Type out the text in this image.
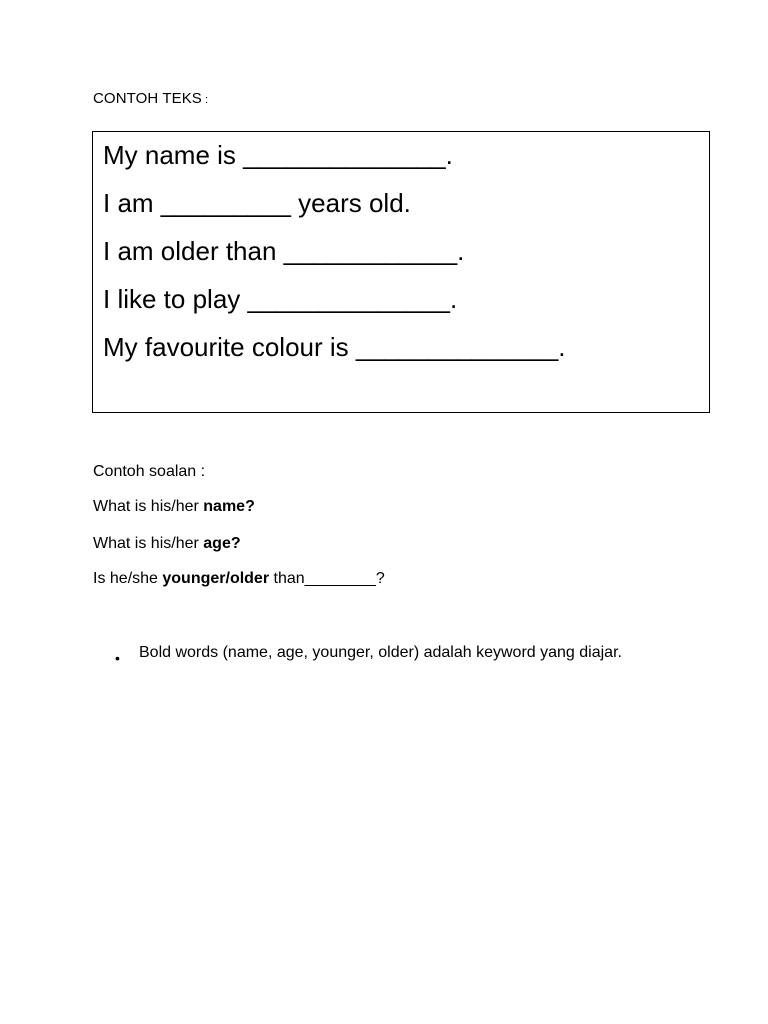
CONTOH TEKS :
My name is ______________.
I am _________ years old.
I am older than ____________.
I like to play ______________.
My favourite colour is ______________.
Contoh soalan :
What is his/her name?
What is his/her age?
Is he/she younger/older than________?
• Bold words (name, age, younger, older) adalah keyword yang diajar.
